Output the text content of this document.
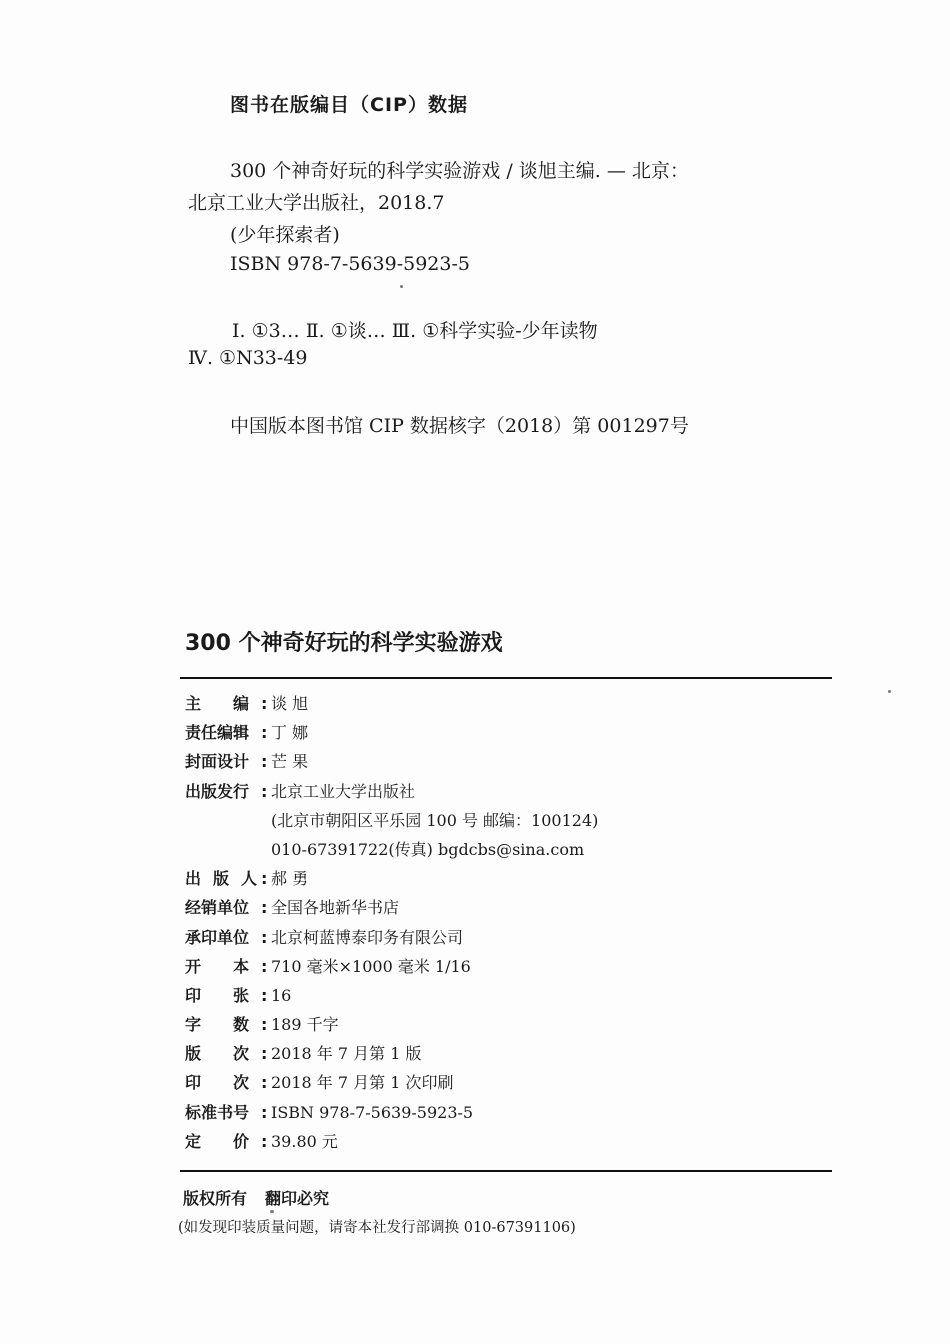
图书在版编目（CIP）数据
300 个神奇好玩的科学实验游戏 / 谈旭主编. — 北京：
北京工业大学出版社，2018.7
(少年探索者)
ISBN 978-7-5639-5923-5
Ⅰ. ①3… Ⅱ. ①谈… Ⅲ. ①科学实验-少年读物
Ⅳ. ①N33-49
中国版本图书馆 CIP 数据核字（2018）第 001297号
300 个神奇好玩的科学实验游戏
主 编 : 谈 旭
责任编辑 : 丁 娜
封面设计 : 芒 果
出版发行 : 北京工业大学出版社
(北京市朝阳区平乐园 100 号 邮编：100124)
010-67391722(传真) bgdcbs@sina.com
出 版 人 : 郝 勇
经销单位 : 全国各地新华书店
承印单位 : 北京柯蓝博泰印务有限公司
开 本 : 710 毫米×1000 毫米 1/16
印 张 : 16
字 数 : 189 千字
版 次 : 2018 年 7 月第 1 版
印 次 : 2018 年 7 月第 1 次印刷
标准书号 : ISBN 978-7-5639-5923-5
定 价 : 39.80 元
版权所有 翻印必究
(如发现印装质量问题，请寄本社发行部调换 010-67391106)
